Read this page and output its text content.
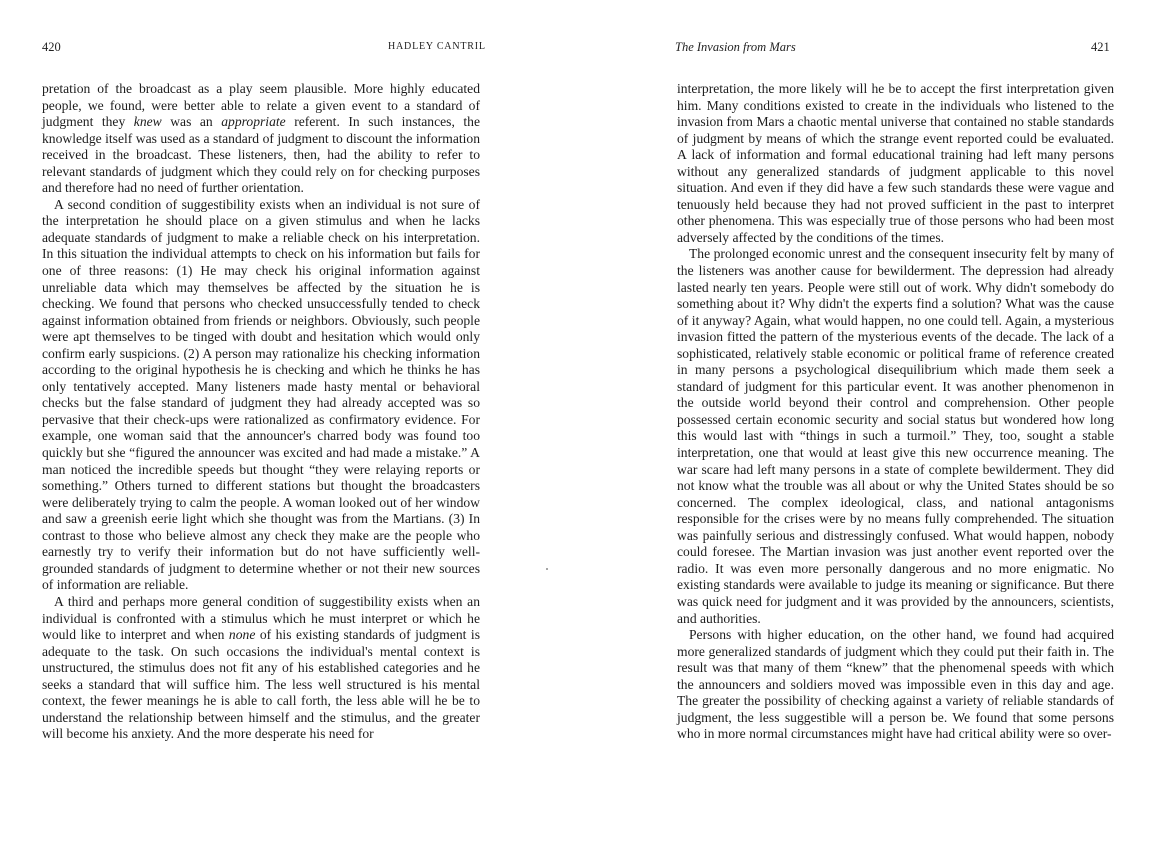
420	HADLEY CANTRIL

pretation of the broadcast as a play seem plausible. More highly educated people, we found, were better able to relate a given event to a standard of judgment they knew was an appropriate referent. In such instances, the knowledge itself was used as a standard of judgment to discount the information received in the broadcast. These listeners, then, had the ability to refer to relevant standards of judgment which they could rely on for checking purposes and therefore had no need of further orientation.

A second condition of suggestibility exists when an individual is not sure of the interpretation he should place on a given stimulus and when he lacks adequate standards of judgment to make a reliable check on his interpretation. In this situation the individual attempts to check on his information but fails for one of three reasons: (1) He may check his original information against unreliable data which may themselves be affected by the situation he is checking. We found that persons who checked unsuccessfully tended to check against information obtained from friends or neighbors. Obviously, such people were apt themselves to be tinged with doubt and hesitation which would only confirm early suspicions. (2) A person may rationalize his checking information according to the original hypothesis he is checking and which he thinks he has only tentatively accepted. Many listeners made hasty mental or behavioral checks but the false standard of judgment they had already accepted was so pervasive that their check-ups were rationalized as confirmatory evidence. For example, one woman said that the announcer's charred body was found too quickly but she “figured the announcer was excited and had made a mistake.” A man noticed the incredible speeds but thought “they were relaying reports or something.” Others turned to different stations but thought the broadcasters were deliberately trying to calm the people. A woman looked out of her window and saw a greenish eerie light which she thought was from the Martians. (3) In contrast to those who believe almost any check they make are the people who earnestly try to verify their information but do not have sufficiently well-grounded standards of judgment to determine whether or not their new sources of information are reliable.

A third and perhaps more general condition of suggestibility exists when an individual is confronted with a stimulus which he must interpret or which he would like to interpret and when none of his existing standards of judgment is adequate to the task. On such occasions the individual's mental context is unstructured, the stimulus does not fit any of his established categories and he seeks a standard that will suffice him. The less well structured is his mental context, the fewer meanings he is able to call forth, the less able will he be to understand the relationship between himself and the stimulus, and the greater will become his anxiety. And the more desperate his need for

The Invasion from Mars	421

interpretation, the more likely will he be to accept the first interpretation given him. Many conditions existed to create in the individuals who listened to the invasion from Mars a chaotic mental universe that contained no stable standards of judgment by means of which the strange event reported could be evaluated. A lack of information and formal educational training had left many persons without any generalized standards of judgment applicable to this novel situation. And even if they did have a few such standards these were vague and tenuously held because they had not proved sufficient in the past to interpret other phenomena. This was especially true of those persons who had been most adversely affected by the conditions of the times.

The prolonged economic unrest and the consequent insecurity felt by many of the listeners was another cause for bewilderment. The depression had already lasted nearly ten years. People were still out of work. Why didn't somebody do something about it? Why didn't the experts find a solution? What was the cause of it anyway? Again, what would happen, no one could tell. Again, a mysterious invasion fitted the pattern of the mysterious events of the decade. The lack of a sophisticated, relatively stable economic or political frame of reference created in many persons a psychological disequilibrium which made them seek a standard of judgment for this particular event. It was another phenomenon in the outside world beyond their control and comprehension. Other people possessed certain economic security and social status but wondered how long this would last with “things in such a turmoil.” They, too, sought a stable interpretation, one that would at least give this new occurrence meaning. The war scare had left many persons in a state of complete bewilderment. They did not know what the trouble was all about or why the United States should be so concerned. The complex ideological, class, and national antagonisms responsible for the crises were by no means fully comprehended. The situation was painfully serious and distressingly confused. What would happen, nobody could foresee. The Martian invasion was just another event reported over the radio. It was even more personally dangerous and no more enigmatic. No existing standards were available to judge its meaning or significance. But there was quick need for judgment and it was provided by the announcers, scientists, and authorities.

Persons with higher education, on the other hand, we found had acquired more generalized standards of judgment which they could put their faith in. The result was that many of them “knew” that the phenomenal speeds with which the announcers and soldiers moved was impossible even in this day and age. The greater the possibility of checking against a variety of reliable standards of judgment, the less suggestible will a person be. We found that some persons who in more normal circumstances might have had critical ability were so over-
